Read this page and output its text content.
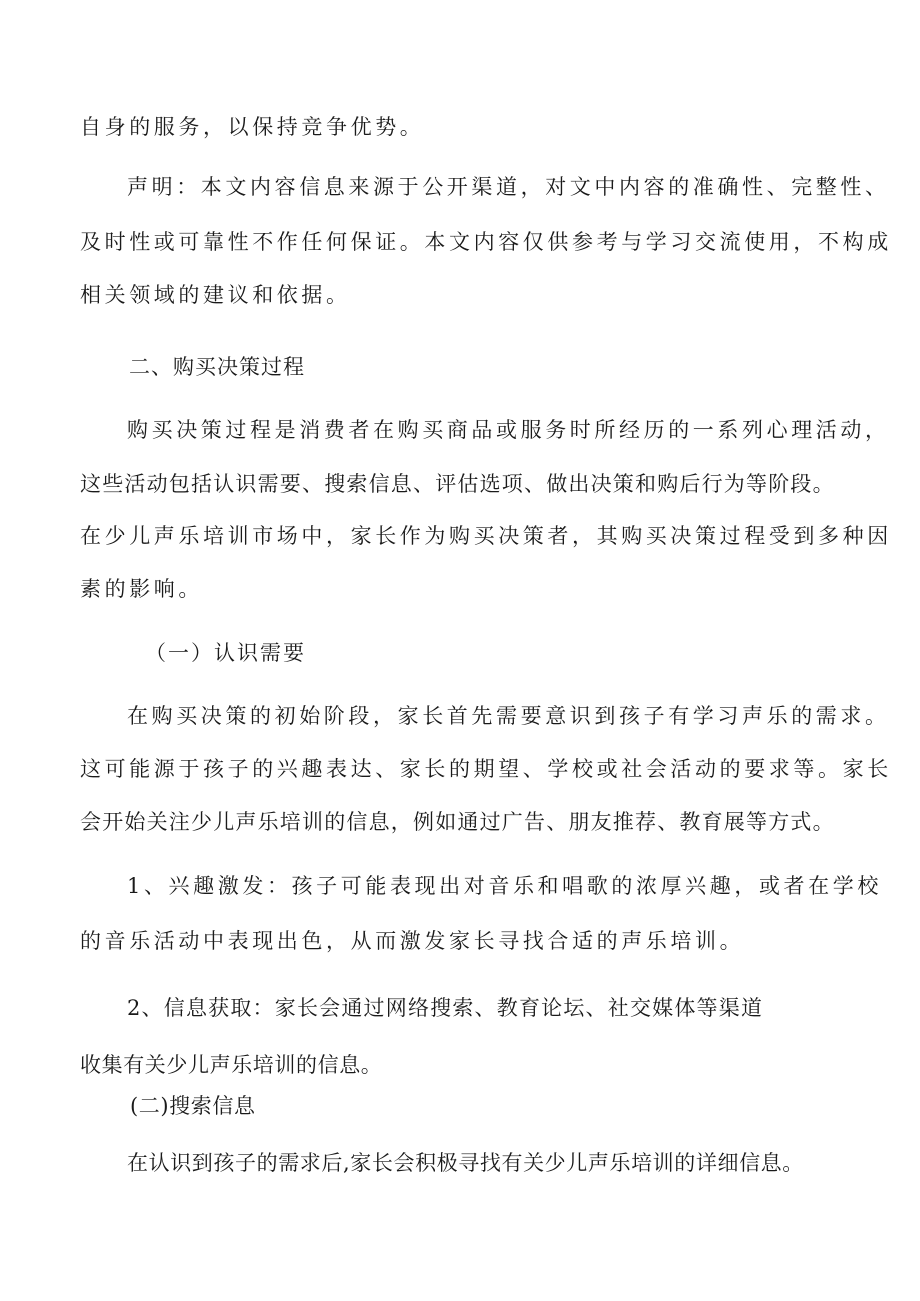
自身的服务，以保持竞争优势。
声明：本文内容信息来源于公开渠道，对文中内容的准确性、完整性、
及时性或可靠性不作任何保证。本文内容仅供参考与学习交流使用，不构成
相关领域的建议和依据。
二、购买决策过程
购买决策过程是消费者在购买商品或服务时所经历的一系列心理活动，
这些活动包括认识需要、搜索信息、评估选项、做出决策和购后行为等阶段。
在少儿声乐培训市场中，家长作为购买决策者，其购买决策过程受到多种因
素的影响。
（一）认识需要
在购买决策的初始阶段，家长首先需要意识到孩子有学习声乐的需求。
这可能源于孩子的兴趣表达、家长的期望、学校或社会活动的要求等。家长
会开始关注少儿声乐培训的信息，例如通过广告、朋友推荐、教育展等方式。
1、兴趣激发：孩子可能表现出对音乐和唱歌的浓厚兴趣，或者在学校
的音乐活动中表现出色，从而激发家长寻找合适的声乐培训。
2、信息获取：家长会通过网络搜索、教育论坛、社交媒体等渠道
收集有关少儿声乐培训的信息。
(二)搜索信息
在认识到孩子的需求后,家长会积极寻找有关少儿声乐培训的详细信息。
